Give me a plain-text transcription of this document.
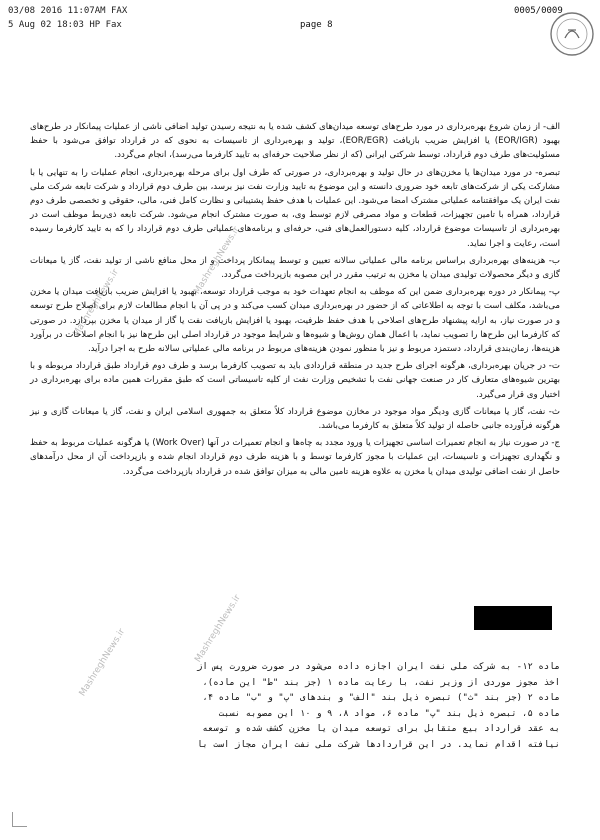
03/08 2016 11:07AM FAX	0005/0009
5 Aug 02 18:03 HP Fax	page 8
MashreghNews.ir
MashreghNews.ir
MashreghNews.ir	MashreghNews.ir

الف- از زمان شروع بهره‌برداری در مورد طرح‌های توسعه میدان‌های کشف شده یا به نتیجه رسیدن تولید اضافی ناشی از عملیات پیمانکار در طرح‌های بهبود (EOR/IGR) یا افزایش ضریب بازیافت (EOR/EGR)، تولید و بهره‌برداری از تاسیسات به نحوی که در قرارداد توافق می‌شود با حفظ مسئولیت‌های طرف دوم قرارداد، توسط شرکتی ایرانی (که از نظر صلاحیت حرفه‌ای به تایید کارفرما می‌رسد)، انجام می‌گردد.

تبصره- در مورد میدان‌ها یا مخزن‌های در حال تولید و بهره‌برداری، در صورتی که طرف اول برای مرحله بهره‌برداری، انجام عملیات را به تنهایی یا با مشارکت یکی از شرکت‌های تابعه خود ضروری دانسته و این موضوع به تایید وزارت نفت نیز برسد، بین طرف دوم قرارداد و شرکت تابعه شرکت ملی نفت ایران یک موافقتنامه عملیاتی مشترک امضا می‌شود. این عملیات با هدف حفظ پشتیبانی و نظارت کامل فنی، مالی، حقوقی و تخصصی طرف دوم قرارداد، همراه با تامین تجهیزات، قطعات و مواد مصرفی لازم توسط وی، به صورت مشترک انجام می‌شود. شرکت تابعه ذی‌ربط موظف است در بهره‌برداری از تاسیسات موضوع قرارداد، کلیه دستورالعمل‌های فنی، حرفه‌ای و برنامه‌های عملیاتی طرف دوم قرارداد را که به تایید کارفرما رسیده است، رعایت و اجرا نماید.

ب- هزینه‌های بهره‌برداری براساس برنامه مالی عملیاتی سالانه تعیین و توسط پیمانکار پرداخت و از محل منافع ناشی از تولید نفت، گاز یا میعانات گازی و دیگر محصولات تولیدی میدان یا مخزن به ترتیب مقرر در این مصوبه بازپرداخت می‌گردد.

پ- پیمانکار در دوره بهره‌برداری ضمن این که موظف به انجام تعهدات خود به موجب قرارداد توسعه، بهبود یا افزایش ضریب بازیافت میدان یا مخزن می‌باشد، مکلف است با توجه به اطلاعاتی که از حضور در بهره‌برداری میدان کسب می‌کند و در پی آن با انجام مطالعات لازم برای اصلاح طرح توسعه و در صورت نیاز، به ارایه پیشنهاد طرح‌های اصلاحی با هدف حفظ ظرفیت، بهبود یا افزایش بازیافت نفت یا گاز از میدان یا مخزن بپردازد. در صورتی که کارفرما این طرح‌ها را تصویب نماید، با اعمال همان روش‌ها و شیوه‌ها و شرایط موجود در قرارداد اصلی این طرح‌ها نیز با انجام اصلاحات در برآورد هزینه‌ها، زمان‌بندی قرارداد، دستمزد مربوط و نیز با منظور نمودن هزینه‌های مربوط در برنامه مالی عملیاتی سالانه طرح به اجرا درآید.

ت- در جریان بهره‌برداری، هرگونه اجرای طرح جدید در منطقه قراردادی باید به تصویب کارفرما برسد و طرف دوم قرارداد طبق قرارداد مربوطه و با بهترین شیوه‌های متعارف کار در صنعت جهانی نفت با تشخیص وزارت نفت از کلیه تاسیساتی است که طبق مقررات همین ماده برای بهره‌برداری در اختیار وی قرار می‌گیرد.

ث- نفت، گاز یا میعانات گازی ودیگر مواد موجود در مخازن موضوع قرارداد کلاً متعلق به جمهوری اسلامی ایران و نفت، گاز یا میعانات گازی و نیز هرگونه فرآورده جانبی حاصله از تولید کلاً متعلق به کارفرما می‌باشد.

ج- در صورت نیاز به انجام تعمیرات اساسی تجهیزات یا ورود مجدد به چاه‌ها و انجام تعمیرات در آنها (Work Over) یا هرگونه عملیات مربوط به حفظ و نگهداری تجهیزات و تاسیسات، این عملیات با مجوز کارفرما توسط و با هزینه طرف دوم قرارداد انجام شده و بازپرداخت آن از محل درآمدهای حاصل از نفت اضافی تولیدی میدان یا مخزن به علاوه هزینه تامین مالی به میزان توافق شده در قرارداد بازپرداخت می‌گردد.

ماده ۱۲- به شرکت ملی نفت ایران اجازه داده می‌شود در صورت ضرورت پس از

اخذ مجوز موردی از وزیر نفت، با رعایت ماده ۱ (جز بند "ط" این ماده)،

ماده ۲ (جز بند "ث") تبصره ذیل بند "الف" و بندهای "پ" و "ب" ماده ۴،

ماده ۵، تبصره ذیل بند "پ" ماده ۶، مواد ۸، ۹ و ۱۰ این مصوبه نسبت

به عقد قرارداد بیع متقابل برای توسعه میدان یا مخزن کشف شده و توسعه

نیافته اقدام نماید. در این قراردادها شرکت ملی نفت ایران مجاز است با
